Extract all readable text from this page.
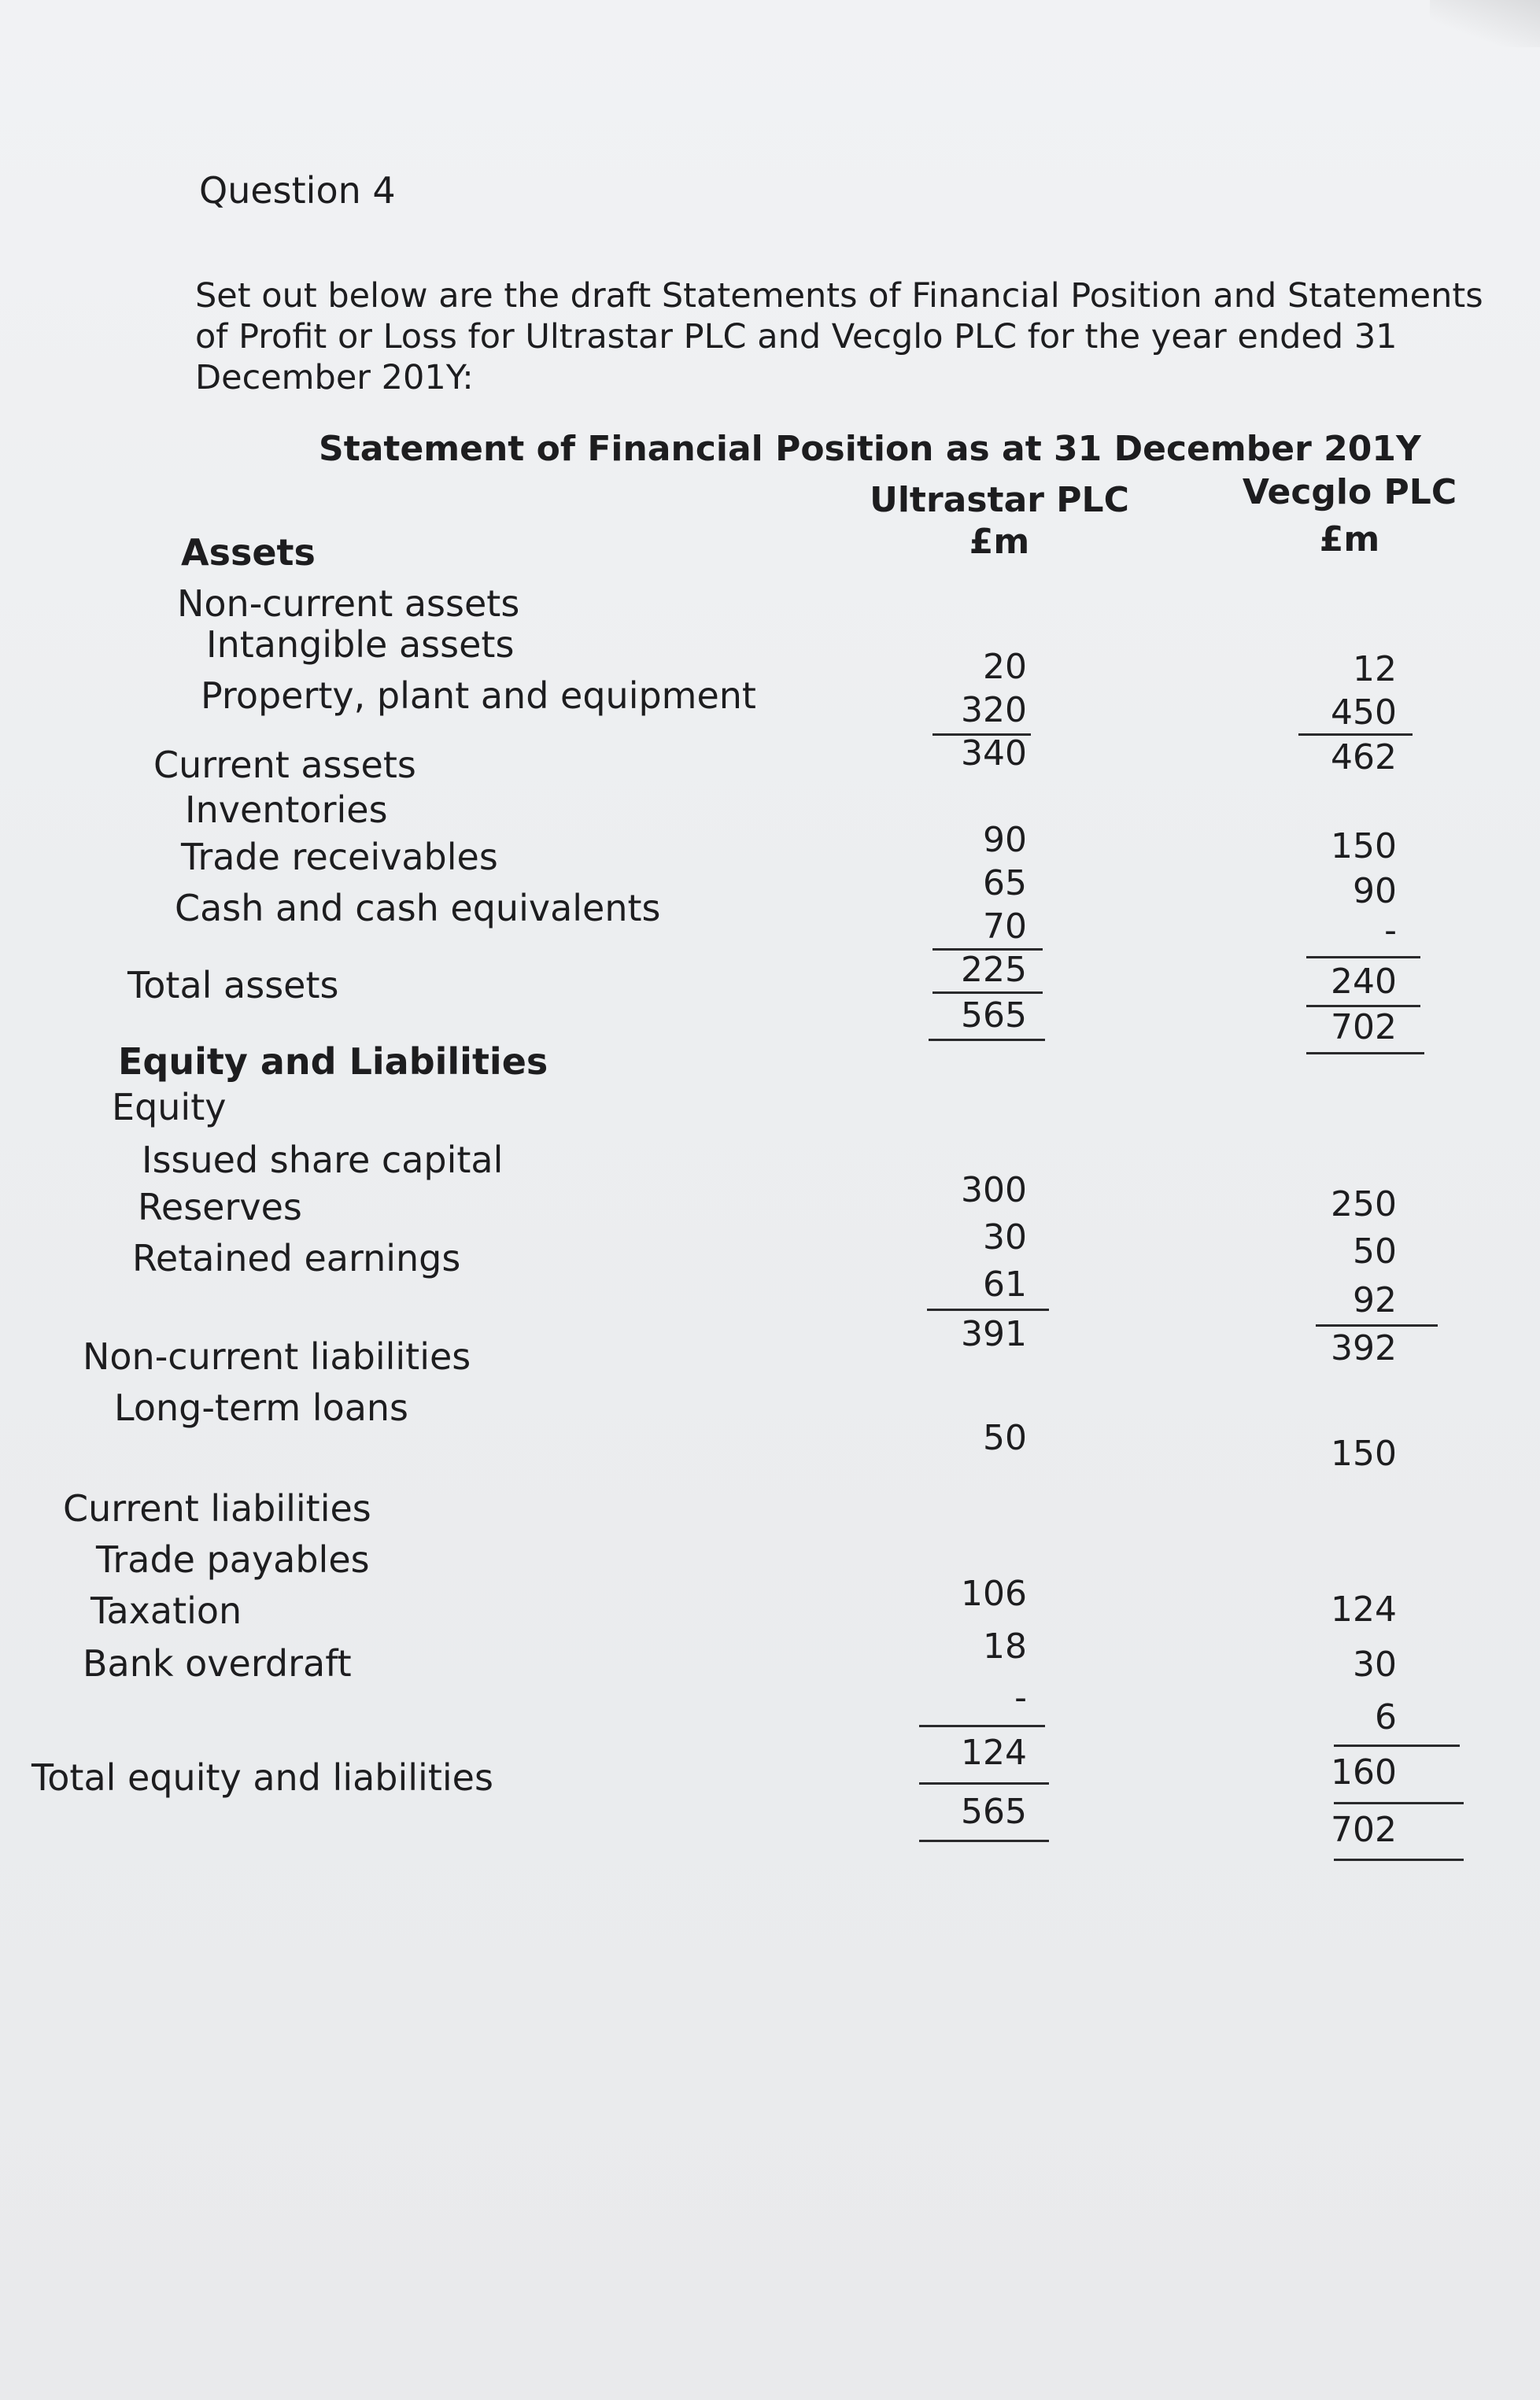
Question 4
Set out below are the draft Statements of Financial Position and Statements of Profit or Loss for Ultrastar PLC and Vecglo PLC for the year ended 31 December 201Y:
Statement of Financial Position as at 31 December 201Y
Ultrastar PLC	Vecglo PLC
£m	£m
Assets
Non-current assets
Intangible assets
20	12
Property, plant and equipment	320	450
340	462
Current assets
Inventories
90	150
Trade receivables
65	90
Cash and cash equivalents	70	-
225	240
Total assets
565	702
Equity and Liabilities
Equity
Issued share capital
300	250
Reserves
30	50
Retained earnings
61	92
391	392
Non-current liabilities
Long-term loans
50	150
Current liabilities
Trade payables
106	124
Taxation
18	30
Bank overdraft
-	6
124	160
Total equity and liabilities
565	702
